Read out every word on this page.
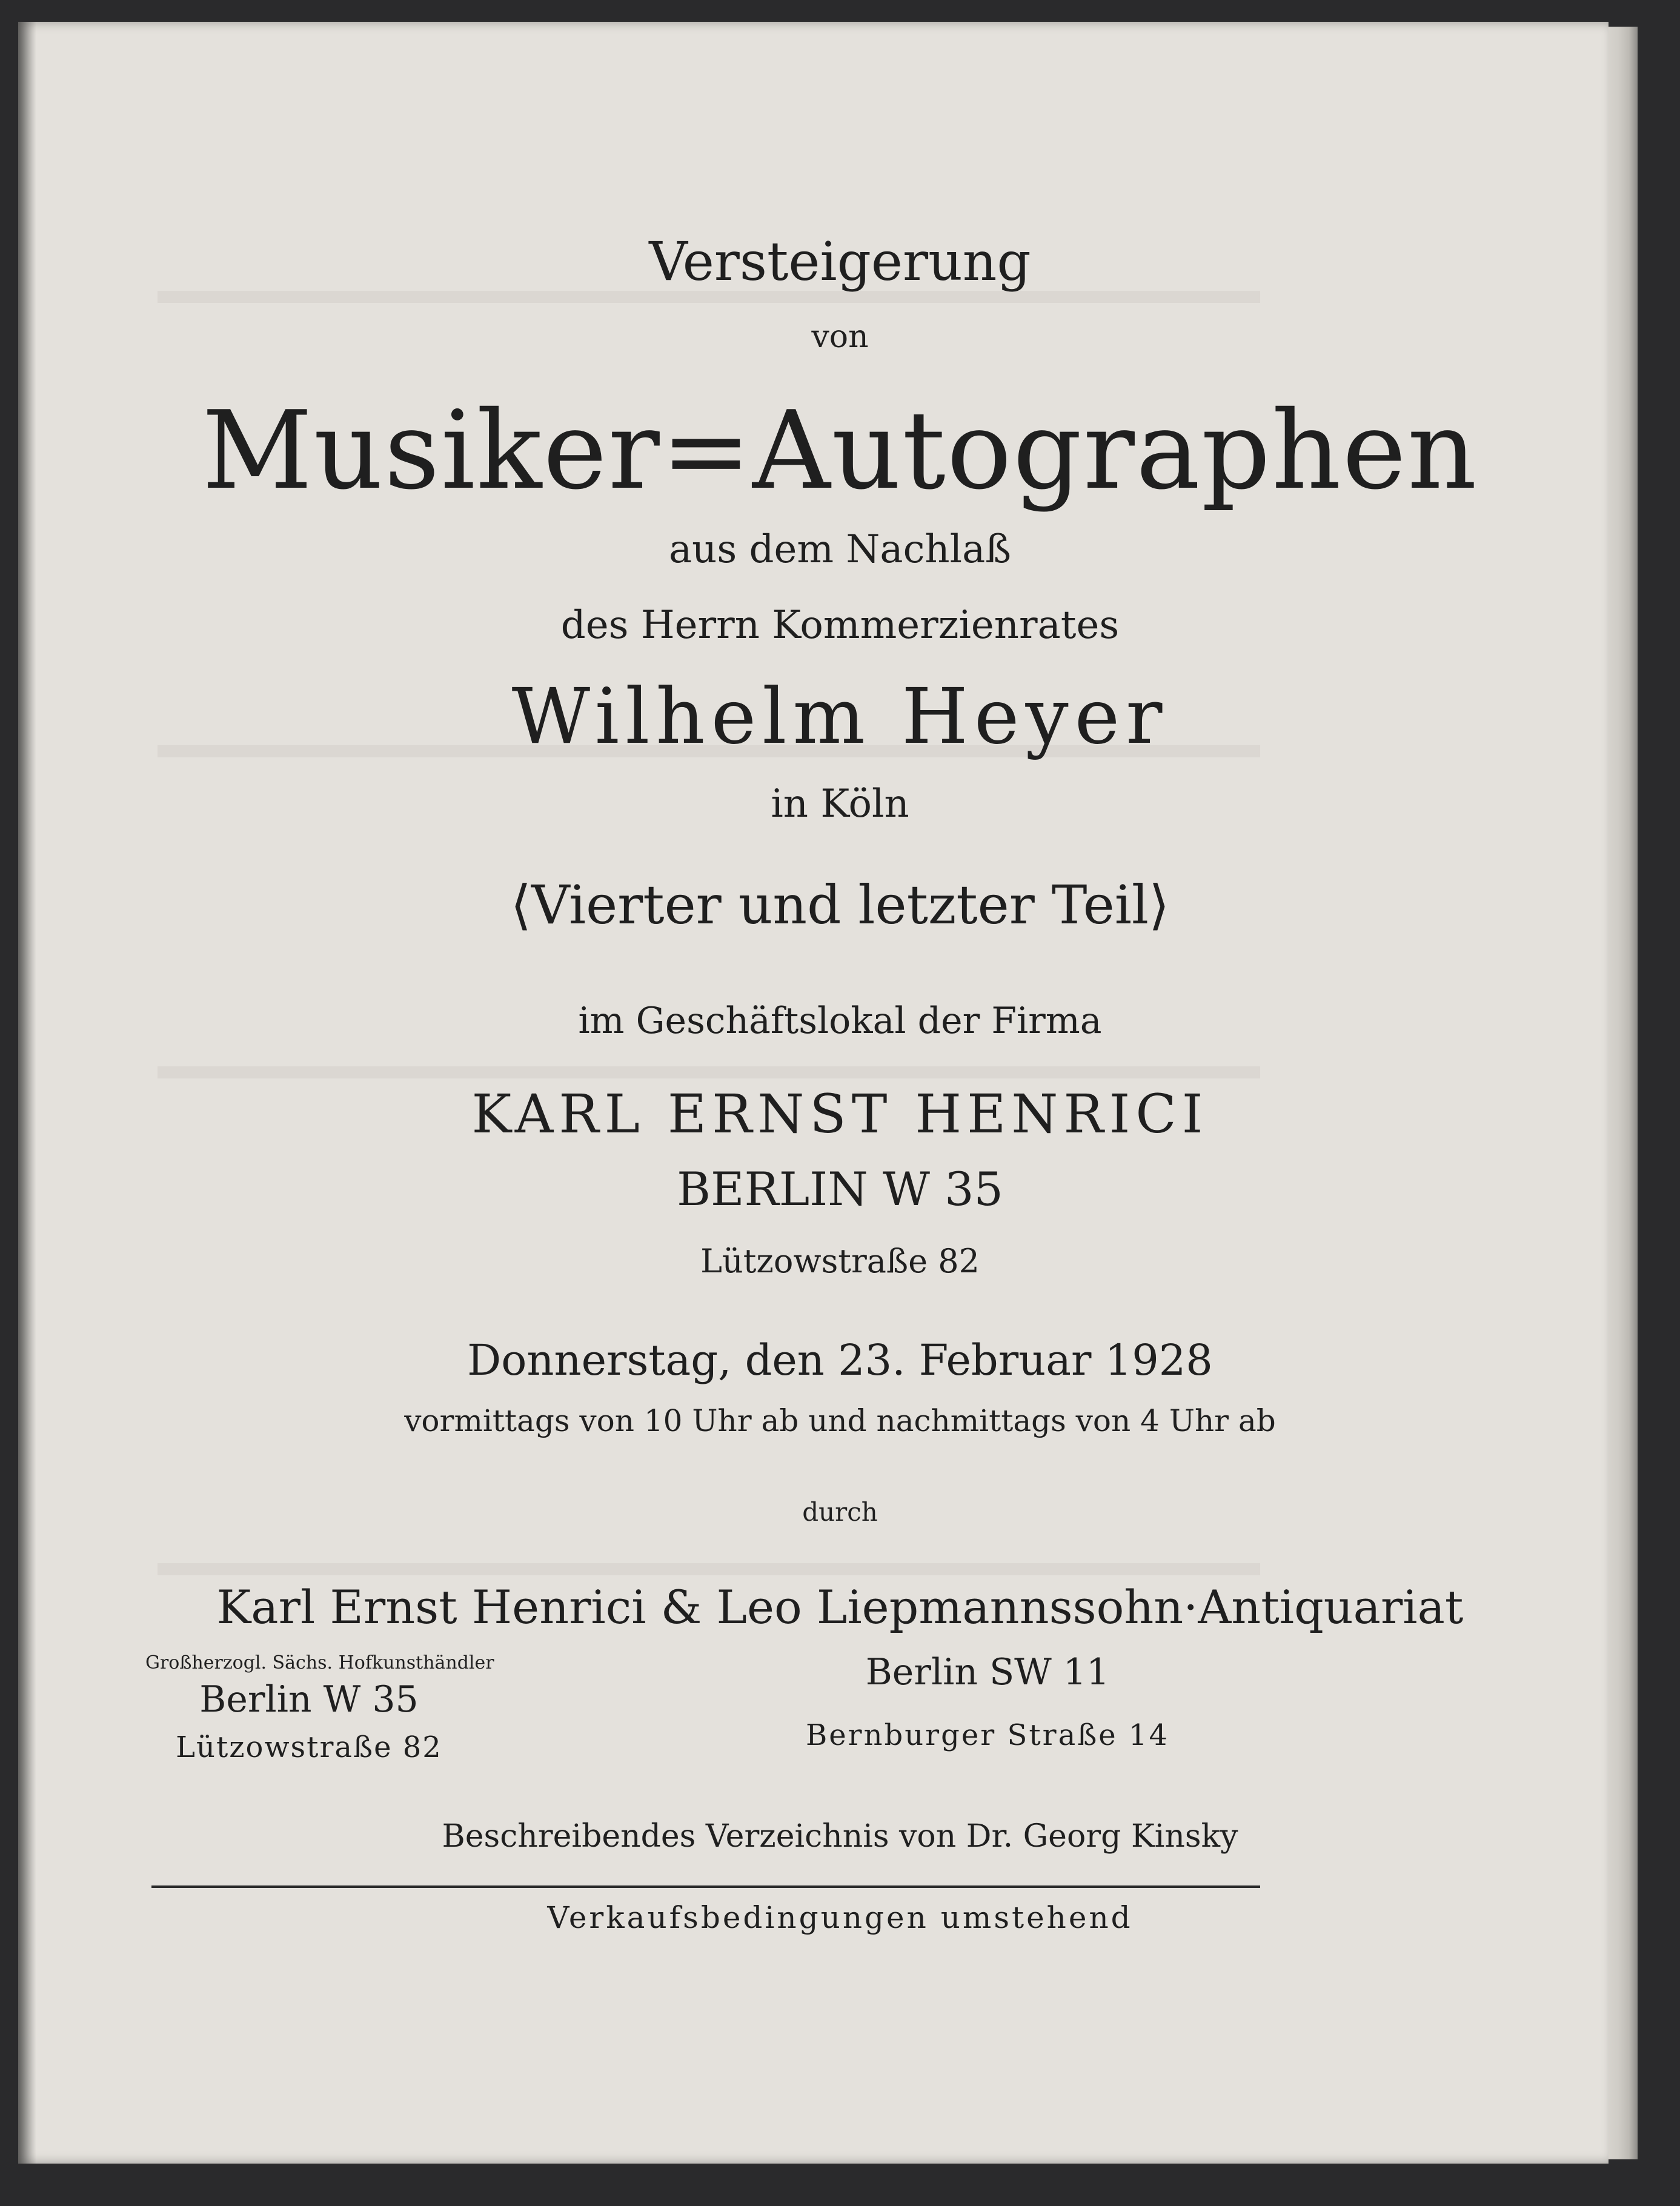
Versteigerung

von

Musiker=Autographen

aus dem Nachlaß

des Herrn Kommerzienrates

Wilhelm Heyer

in Köln

⟨Vierter und letzter Teil⟩

im Geschäftslokal der Firma

KARL ERNST HENRICI

BERLIN W 35

Lützowstraße 82

Donnerstag, den 23. Februar 1928

vormittags von 10 Uhr ab und nachmittags von 4 Uhr ab

durch

Karl Ernst Henrici & Leo Liepmannssohn·Antiquariat

Großherzogl. Sächs. Hofkunsthändler
Berlin W 35
Lützowstraße 82
Berlin SW 11
Bernburger Straße 14

Beschreibendes Verzeichnis von Dr. Georg Kinsky

Verkaufsbedingungen umstehend
